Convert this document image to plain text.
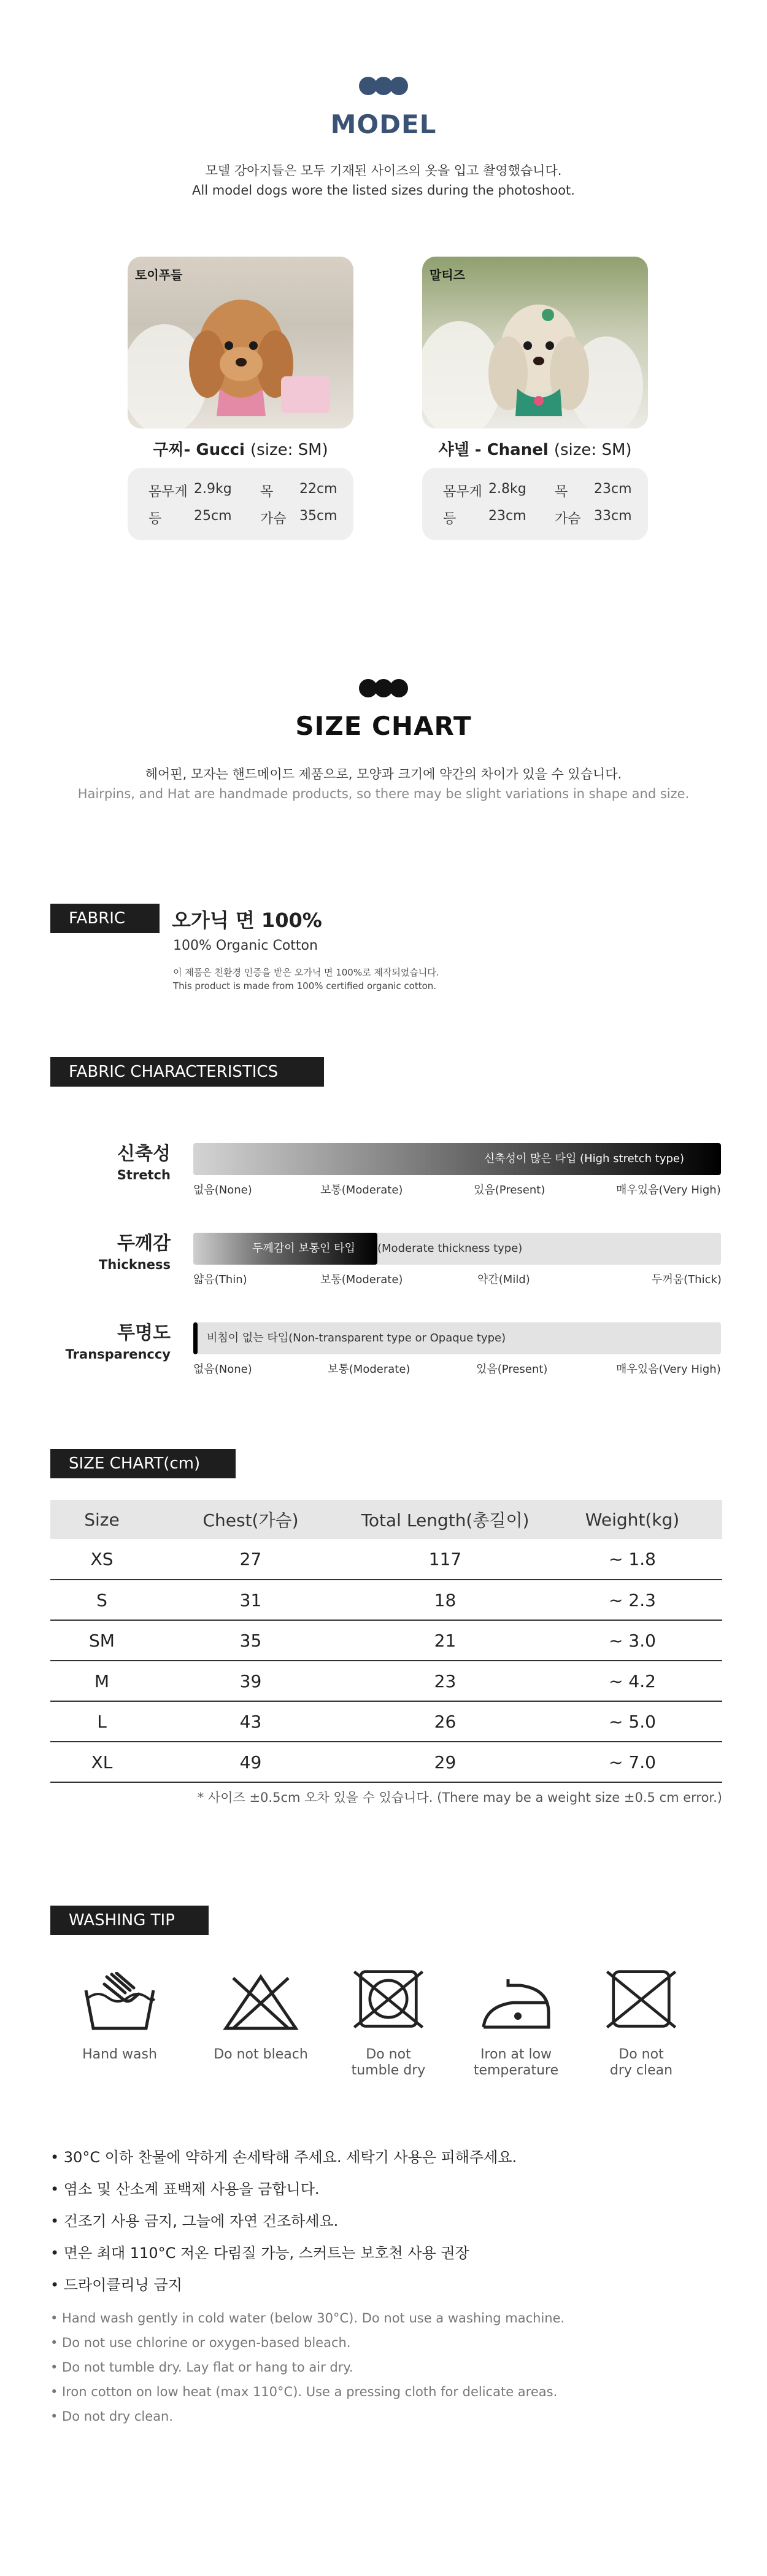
MODEL
모델 강아지들은 모두 기재된 사이즈의 옷을 입고 촬영했습니다.
All model dogs wore the listed sizes during the photoshoot.
토이푸들
구찌- Gucci (size: SM)
몸무게 2.9kg 목 22cm
등 25cm 가슴 35cm
말티즈
샤넬 - Chanel (size: SM)
몸무게 2.8kg 목 23cm
등 23cm 가슴 33cm
SIZE CHART
헤어핀, 모자는 핸드메이드 제품으로, 모양과 크기에 약간의 차이가 있을 수 있습니다.
Hairpins, and Hat are handmade products, so there may be slight variations in shape and size.
FABRIC	오가닉 면 100%
100% Organic Cotton
이 제품은 친환경 인증을 받은 오가닉 면 100%로 제작되었습니다.
This product is made from 100% certified organic cotton.
FABRIC CHARACTERISTICS
신축성
Stretch
신축성이 많은 타입 (High stretch type)
없음(None)	보통(Moderate)	있음(Present)	매우있음(Very High)
두께감
Thickness
두께감이 보통인 타입 (Moderate thickness type)
얇음(Thin)	보통(Moderate)	약간(Mild)	두꺼움(Thick)
투명도
Transparenccy
비침이 없는 타입(Non-transparent type or Opaque type)
없음(None)	보통(Moderate)	있음(Present)	매우있음(Very High)
SIZE CHART(cm)
Size	Chest(가슴)	Total Length(총길이)	Weight(kg)
XS	27	117	~ 1.8
S	31	18	~ 2.3
SM	35	21	~ 3.0
M	39	23	~ 4.2
L	43	26	~ 5.0
XL	49	29	~ 7.0
* 사이즈 ±0.5cm 오차 있을 수 있습니다. (There may be a weight size ±0.5 cm error.)
WASHING TIP
Hand wash	Do not bleach	Do not
tumble dry
Iron at low
temperature
Do not
dry clean
• 30°C 이하 찬물에 약하게 손세탁해 주세요. 세탁기 사용은 피해주세요.
• 염소 및 산소계 표백제 사용을 금합니다.
• 건조기 사용 금지, 그늘에 자연 건조하세요.
• 면은 최대 110°C 저온 다림질 가능, 스커트는 보호천 사용 권장
• 드라이클리닝 금지
• Hand wash gently in cold water (below 30°C). Do not use a washing machine.
• Do not use chlorine or oxygen-based bleach.
• Do not tumble dry. Lay flat or hang to air dry.
• Iron cotton on low heat (max 110°C). Use a pressing cloth for delicate areas.
• Do not dry clean.
